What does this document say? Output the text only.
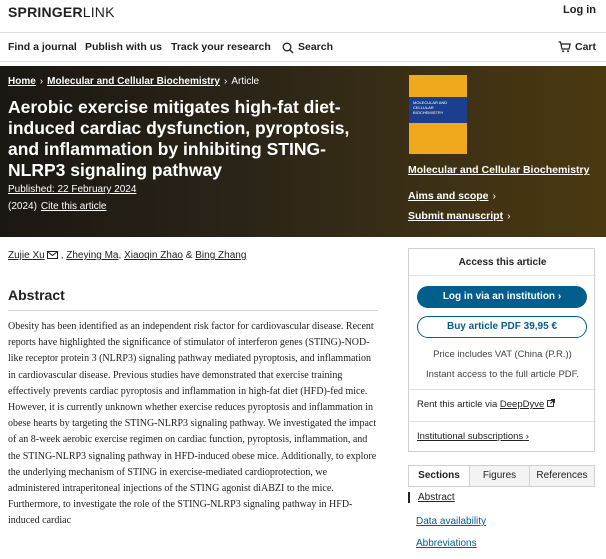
SPRINGERLINK	Log in
Find a journal Publish with us Track your research	Search	Cart
Home › Molecular and Cellular Biochemistry › Article
Aerobic exercise mitigates high-fat diet-induced cardiac dysfunction, pyroptosis, and inflammation by inhibiting STING-NLRP3 signaling pathway
Published: 22 February 2024
(2024) Cite this article
MOLECULAR AND CELLULAR BIOCHEMISTRY
Molecular and Cellular Biochemistry
Aims and scope ›
Submit manuscript ›
Zujie Xu , Zheying Ma, Xiaoqin Zhao & Bing Zhang
Abstract
Obesity has been identified as an independent risk factor for cardiovascular disease. Recent reports have highlighted the significance of stimulator of interferon genes (STING)-NOD-like receptor protein 3 (NLRP3) signaling pathway mediated pyroptosis, and inflammation in cardiovascular disease. Previous studies have demonstrated that exercise training effectively prevents cardiac pyroptosis and inflammation in high-fat diet (HFD)-fed mice. However, it is currently unknown whether exercise reduces pyroptosis and inflammation in obese hearts by targeting the STING-NLRP3 signaling pathway. We investigated the impact of an 8-week aerobic exercise regimen on cardiac function, pyroptosis, inflammation, and the STING-NLRP3 signaling pathway in HFD-induced obese mice. Additionally, to explore the underlying mechanism of STING in exercise-mediated cardioprotection, we administered intraperitoneal injections of the STING agonist diABZI to the mice. Furthermore, to investigate the role of the STING-NLRP3 signaling pathway in HFD-induced cardiac
Access this article
Log in via an institution ›
Buy article PDF 39,95 €
Price includes VAT (China (P.R.))
Instant access to the full article PDF.
Rent this article via DeepDyve
Institutional subscriptions ›
Sections	Figures	References
Abstract
Data availability
Abbreviations
